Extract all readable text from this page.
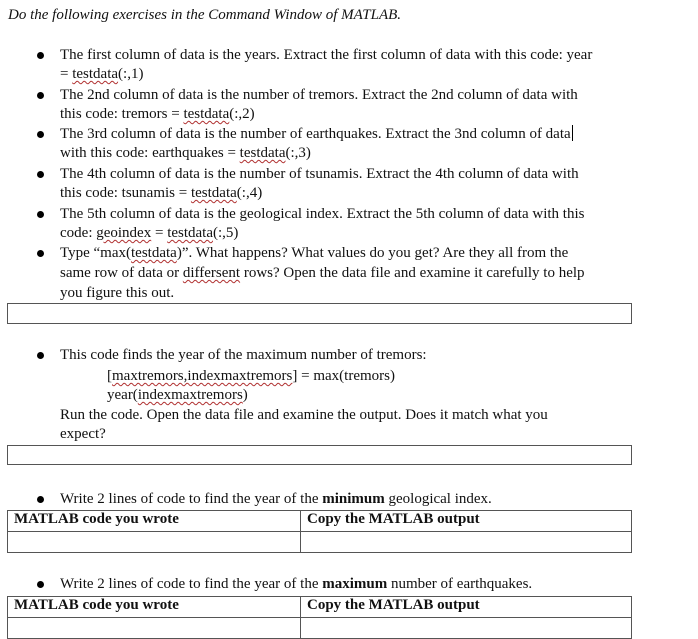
Do the following exercises in the Command Window of MATLAB.
The first column of data is the years. Extract the first column of data with this code: year
= testdata(:,1)
The 2nd column of data is the number of tremors. Extract the 2nd column of data with
this code: tremors = testdata(:,2)
The 3rd column of data is the number of earthquakes. Extract the 3nd column of data
with this code: earthquakes = testdata(:,3)
The 4th column of data is the number of tsunamis. Extract the 4th column of data with
this code: tsunamis = testdata(:,4)
The 5th column of data is the geological index. Extract the 5th column of data with this
code: geoindex = testdata(:,5)
Type “max(testdata)”. What happens? What values do you get? Are they all from the
same row of data or differsent rows? Open the data file and examine it carefully to help
you figure this out.
This code finds the year of the maximum number of tremors:
[maxtremors,indexmaxtremors] = max(tremors)
year(indexmaxtremors)
Run the code. Open the data file and examine the output. Does it match what you
expect?
Write 2 lines of code to find the year of the minimum geological index.
MATLAB code you wrote	Copy the MATLAB output

Write 2 lines of code to find the year of the maximum number of earthquakes.
MATLAB code you wrote	Copy the MATLAB output
